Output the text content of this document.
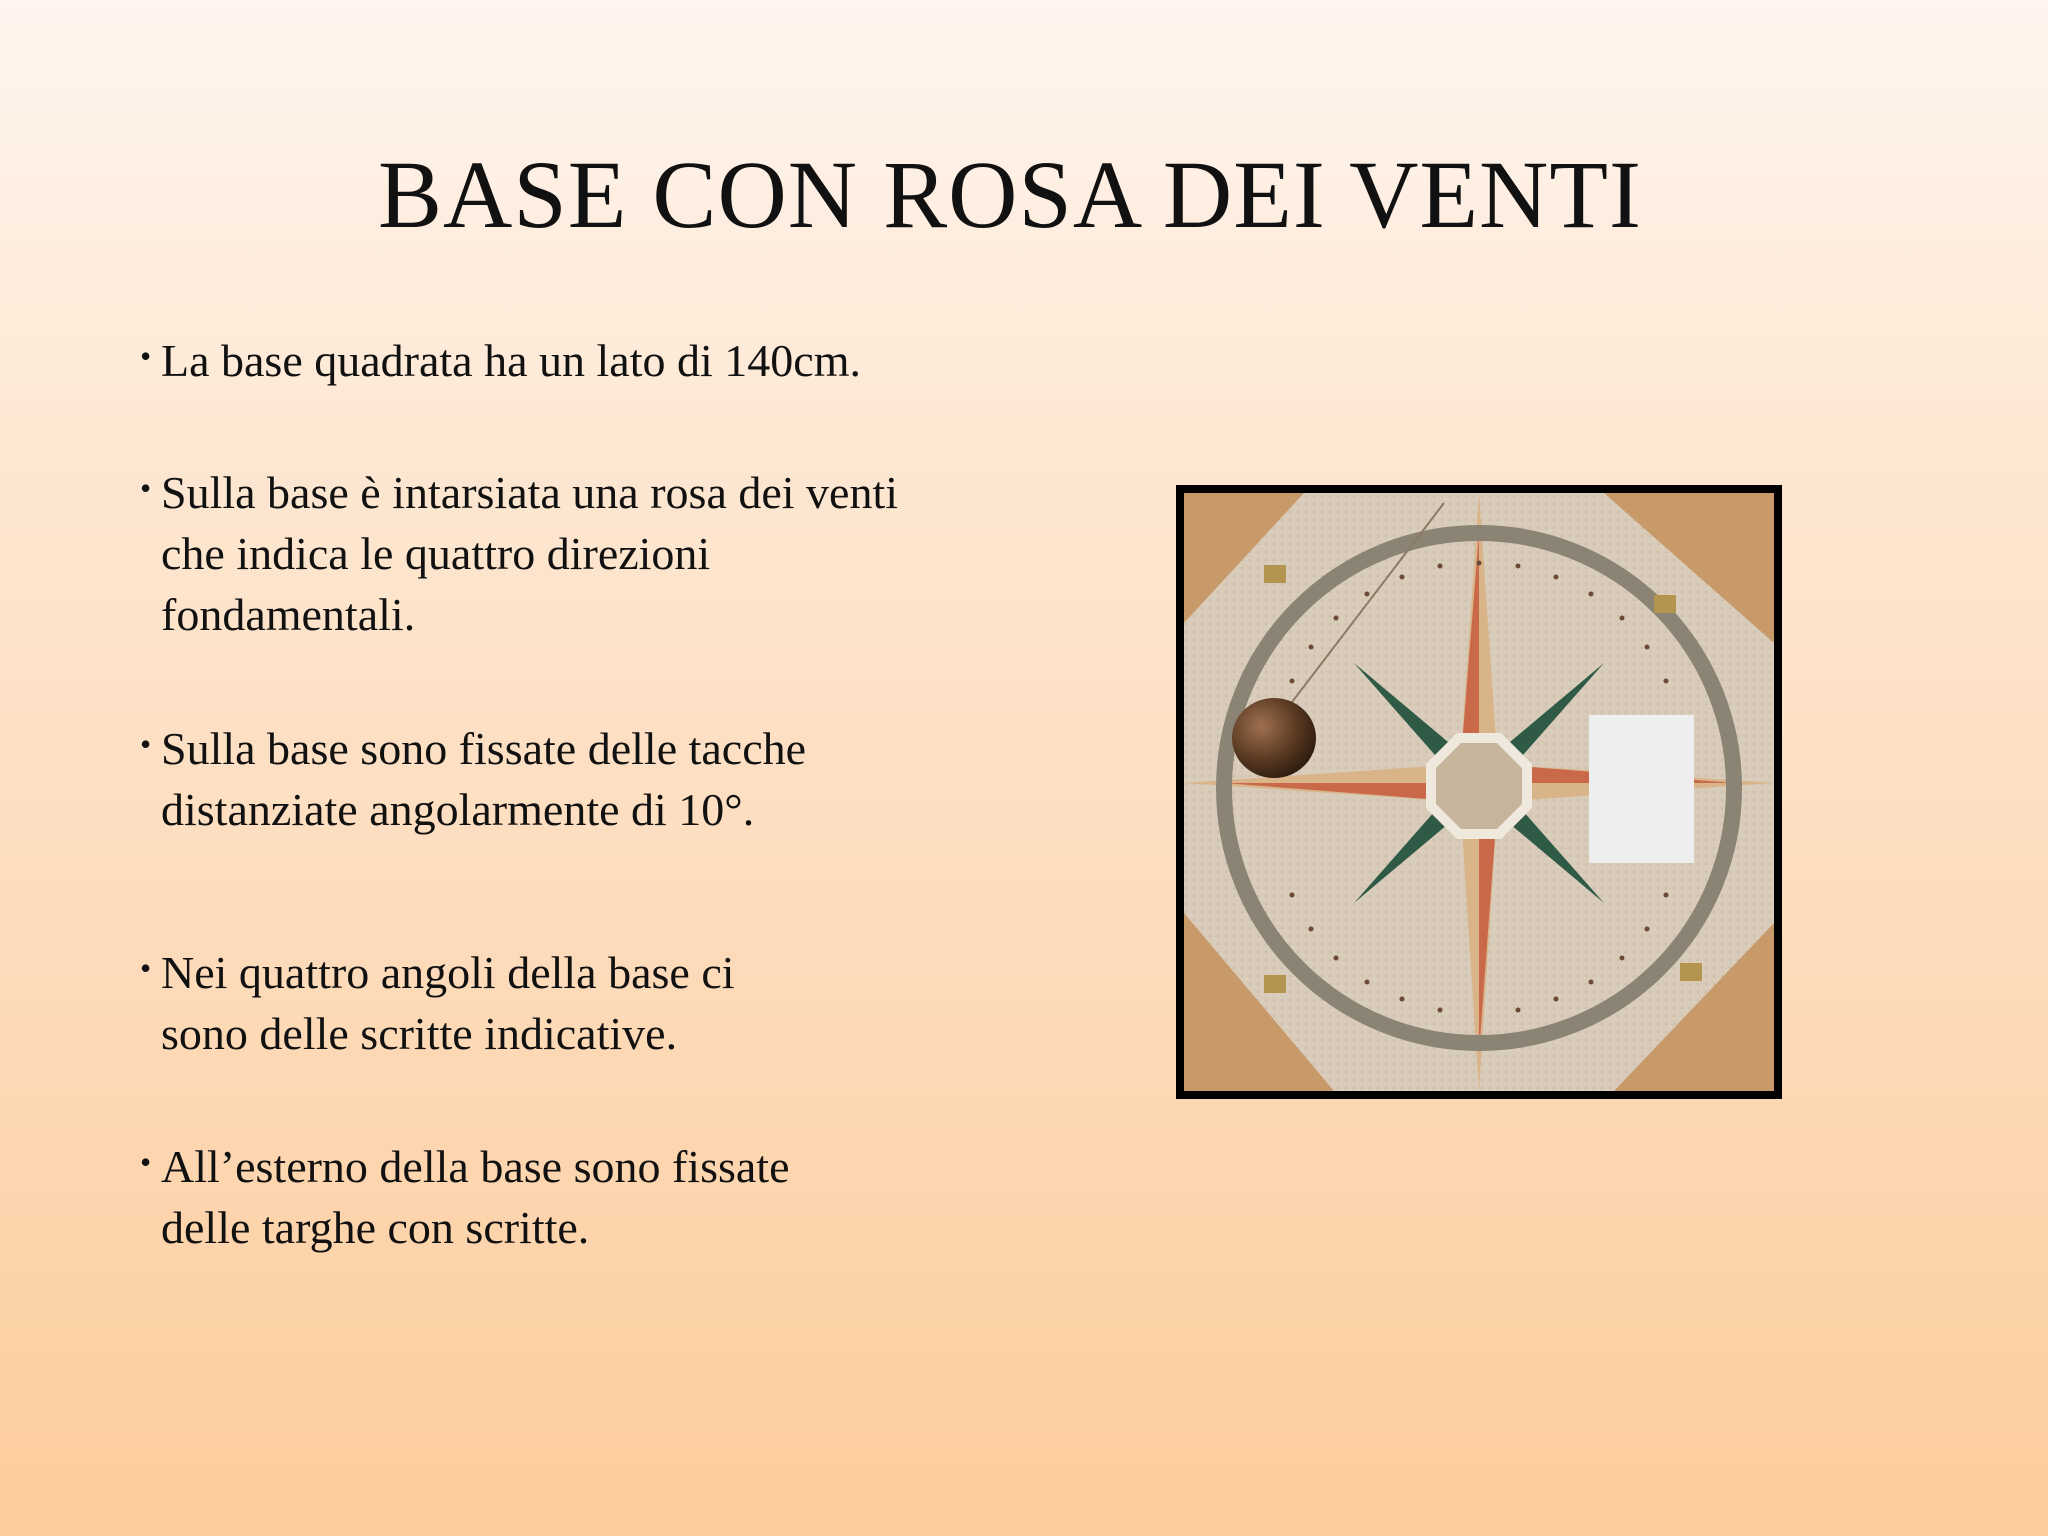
BASE CON ROSA DEI VENTI
• La base quadrata ha un lato di 140cm.
• Sulla base è intarsiata una rosa dei venti che indica le quattro direzioni fondamentali.
• Sulla base sono fissate delle tacche distanziate angolarmente di 10°.
• Nei quattro angoli della base ci sono delle scritte indicative.
• All’esterno della base sono fissate delle targhe con scritte.
